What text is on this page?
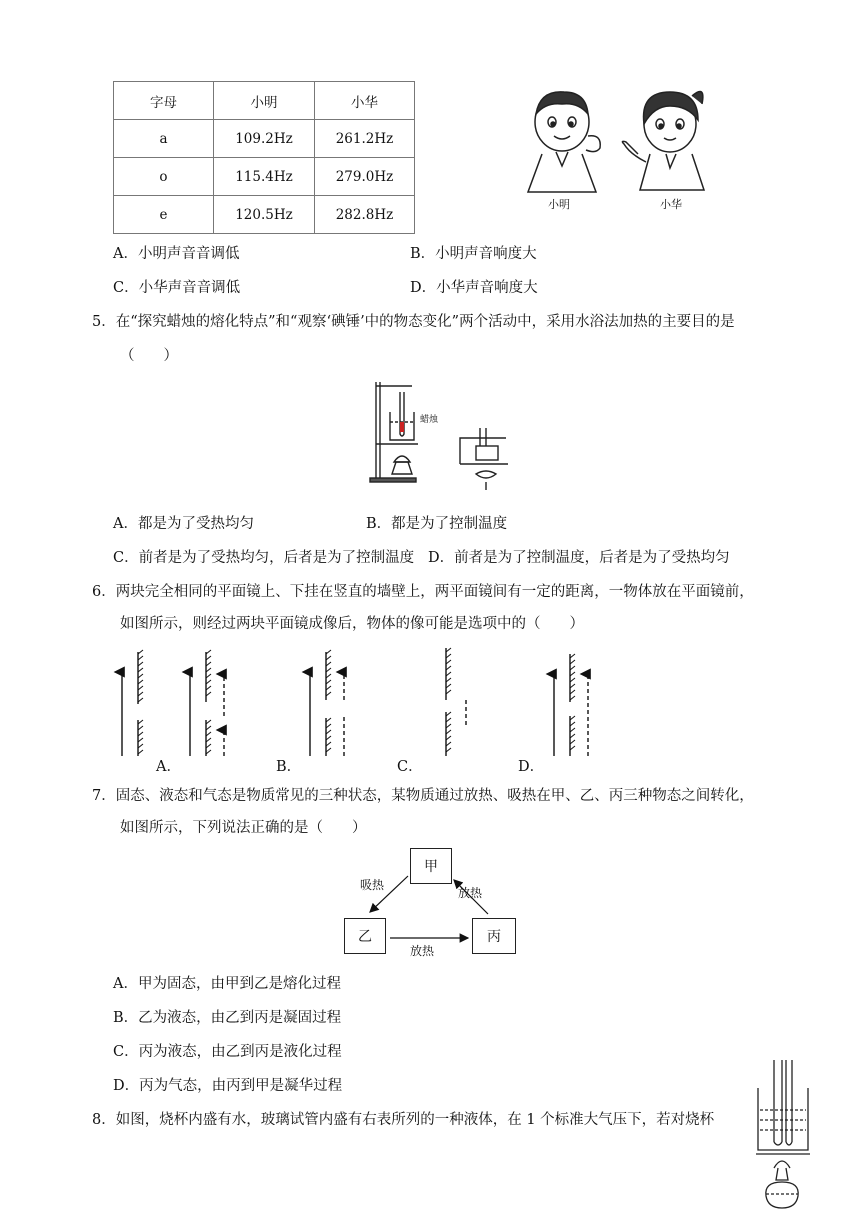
字母	小明	小华
a	109.2Hz	261.2Hz
o	115.4Hz	279.0Hz
e	120.5Hz	282.8Hz
小明	小华
A．小明声音音调低	B．小明声音响度大
C．小华声音音调低	D．小华声音响度大
5．在“探究蜡烛的熔化特点”和“观察‘碘锤’中的物态变化”两个活动中，采用水浴法加热的主要目的是
（　　）
蜡烛
A．都是为了受热均匀	B．都是为了控制温度
C．前者是为了受热均匀，后者是为了控制温度 D．前者是为了控制温度，后者是为了受热均匀
6．两块完全相同的平面镜上、下挂在竖直的墙壁上，两平面镜间有一定的距离，一物体放在平面镜前，
如图所示，则经过两块平面镜成像后，物体的像可能是选项中的（　　）
A．	B．	C．	D．
7．固态、液态和气态是物质常见的三种状态，某物质通过放热、吸热在甲、乙、丙三种物态之间转化，
如图所示，下列说法正确的是（　　）
甲
乙	丙
吸热
放热
放热
A．甲为固态，由甲到乙是熔化过程
B．乙为液态，由乙到丙是凝固过程
C．丙为液态，由乙到丙是液化过程
D．丙为气态，由丙到甲是凝华过程
8．如图，烧杯内盛有水，玻璃试管内盛有右表所列的一种液体，在 1 个标准大气压下，若对烧杯
